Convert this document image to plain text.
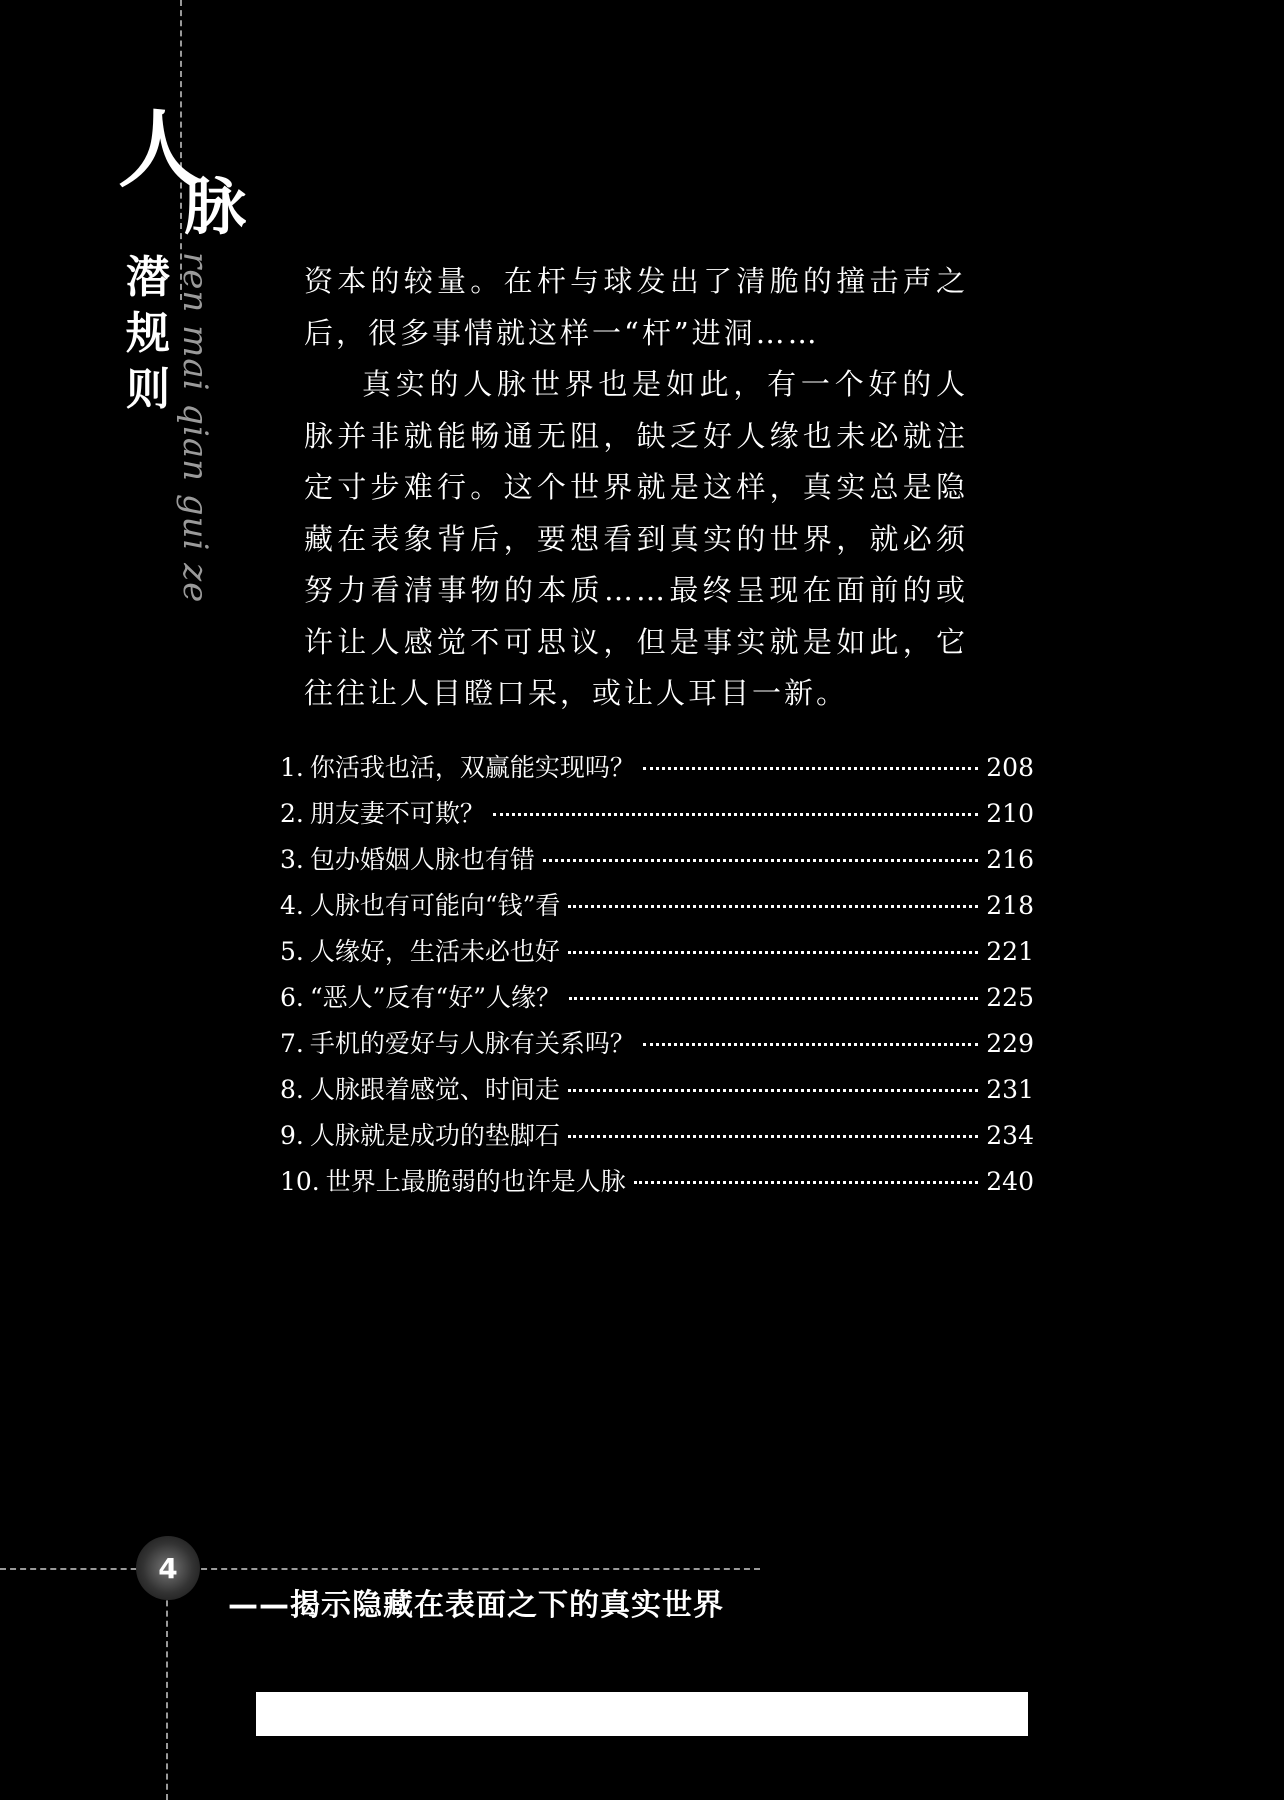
人
脉
潜
规
则 ren mai qian gui ze	资本的较量。在杆与球发出了清脆的撞击声之后，很多事情就这样一“杆”进洞……

真实的人脉世界也是如此，有一个好的人脉并非就能畅通无阻，缺乏好人缘也未必就注定寸步难行。这个世界就是这样，真实总是隐藏在表象背后，要想看到真实的世界，就必须努力看清事物的本质……最终呈现在面前的或许让人感觉不可思议，但是事实就是如此，它往往让人目瞪口呆，或让人耳目一新。

1. 你活我也活，双赢能实现吗？	208
2. 朋友妻不可欺？	210
3. 包办婚姻人脉也有错	216
4. 人脉也有可能向“钱”看	218
5. 人缘好，生活未必也好	221
6. “恶人”反有“好”人缘？	225
7. 手机的爱好与人脉有关系吗？	229
8. 人脉跟着感觉、时间走	231
9. 人脉就是成功的垫脚石	234
10. 世界上最脆弱的也许是人脉	240
4
——揭示隐藏在表面之下的真实世界
